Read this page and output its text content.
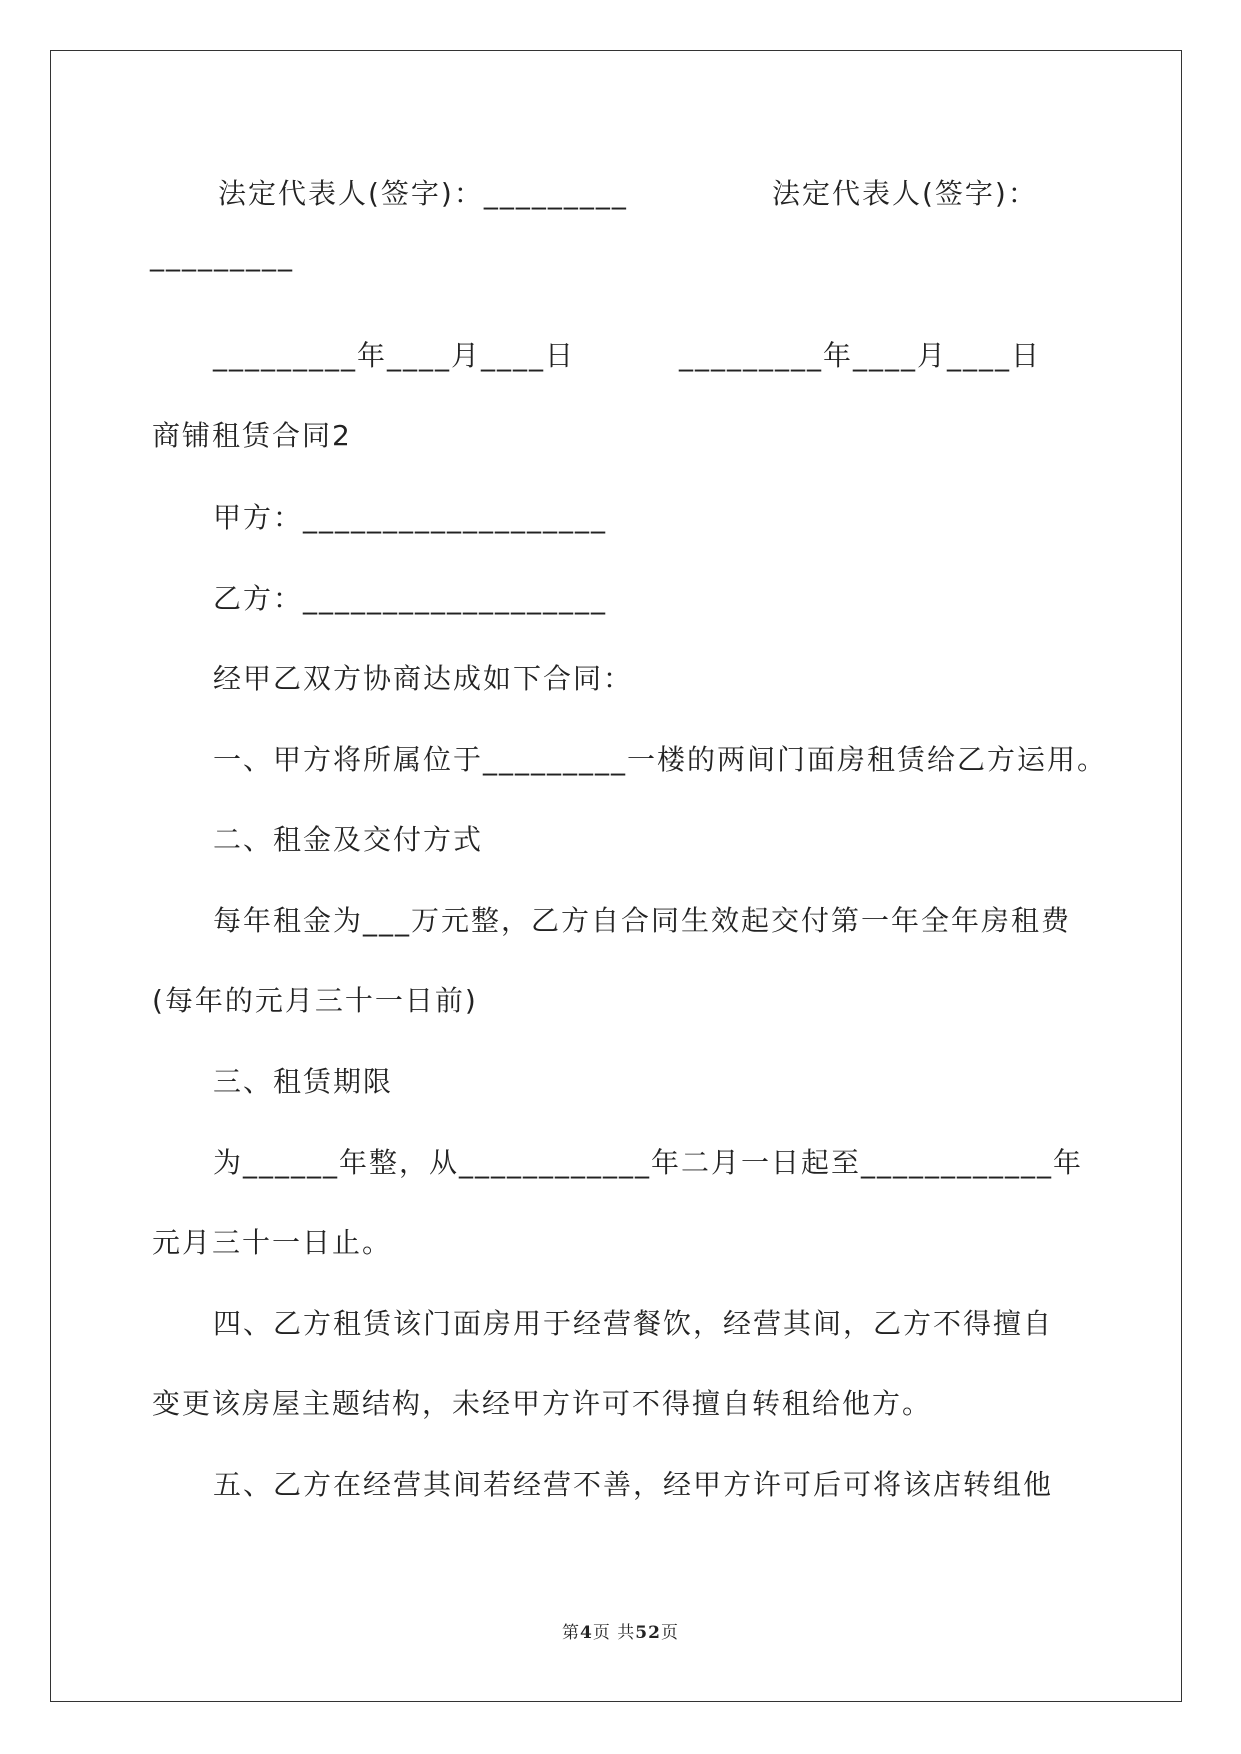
法定代表人(签字)：_________	法定代表人(签字)：

_________

_________年____月____日	_________年____月____日

商铺租赁合同2

甲方：___________________

乙方：___________________

经甲乙双方协商达成如下合同：

一、甲方将所属位于_________一楼的两间门面房租赁给乙方运用。

二、租金及交付方式

每年租金为___万元整，乙方自合同生效起交付第一年全年房租费

(每年的元月三十一日前)

三、租赁期限

为______年整，从____________年二月一日起至____________年

元月三十一日止。

四、乙方租赁该门面房用于经营餐饮，经营其间，乙方不得擅自

变更该房屋主题结构，未经甲方许可不得擅自转租给他方。

五、乙方在经营其间若经营不善，经甲方许可后可将该店转组他

第4页 共52页
